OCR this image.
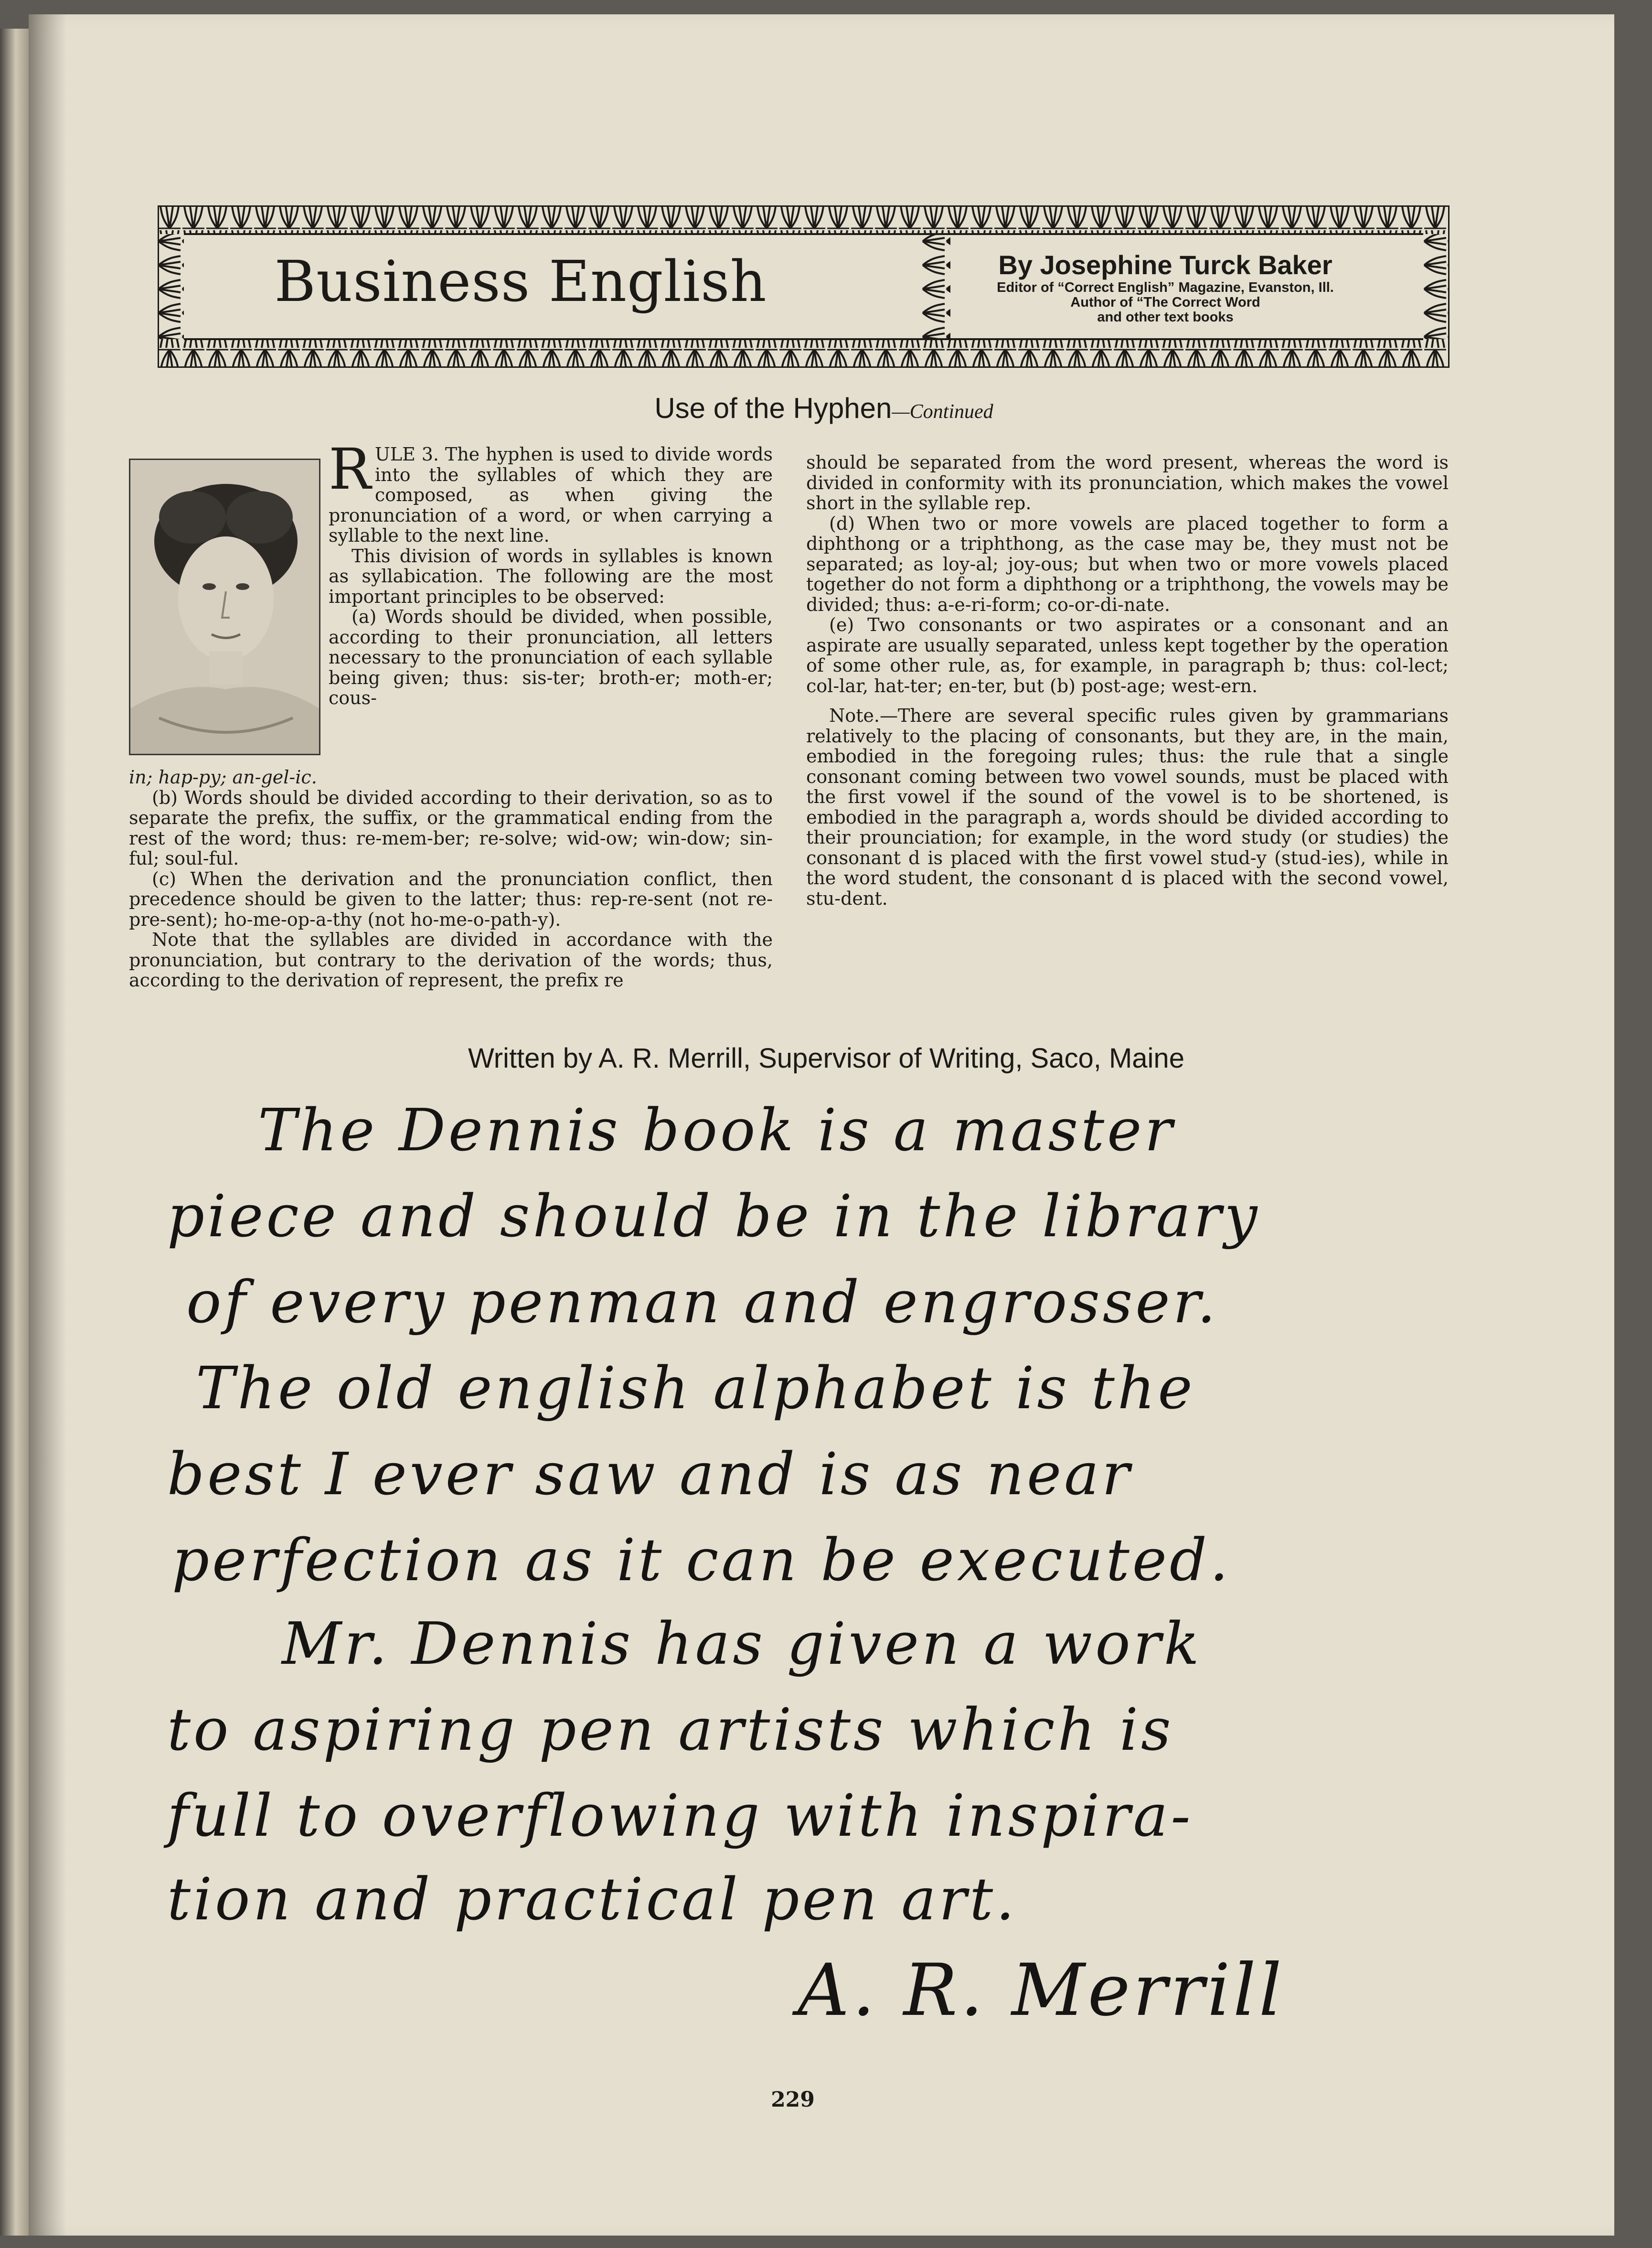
Business English	By Josephine Turck Baker
Editor of “Correct English” Magazine, Evanston, Ill.
Author of “The Correct Word
and other text books
Use of the Hyphen—Continued

RULE 3. The hyphen is used to divide words into the syllables of which they are composed, as when giving the pronunciation of a word, or when carrying a syllable to the next line.

This division of words in syllables is known as syllabication. The following are the most important principles to be observed:

(a) Words should be divided, when possible, according to their pronunciation, all letters necessary to the pronunciation of each syllable being given; thus: sis-ter; broth-er; moth-er; cous-

in; hap-py; an-gel-ic.

(b) Words should be divided according to their derivation, so as to separate the prefix, the suffix, or the grammatical ending from the rest of the word; thus: re-mem-ber; re-solve; wid-ow; win-dow; sin-ful; soul-ful.

(c) When the derivation and the pronunciation conflict, then precedence should be given to the latter; thus: rep-re-sent (not re-pre-sent); ho-me-op-a-thy (not ho-me-o-path-y).

Note that the syllables are divided in accordance with the pronunciation, but contrary to the derivation of the words; thus, according to the derivation of represent, the prefix re

should be separated from the word present, whereas the word is divided in conformity with its pronunciation, which makes the vowel short in the syllable rep.

(d) When two or more vowels are placed together to form a diphthong or a triphthong, as the case may be, they must not be separated; as loy-al; joy-ous; but when two or more vowels placed together do not form a diphthong or a triphthong, the vowels may be divided; thus: a-e-ri-form; co-or-di-nate.

(e) Two consonants or two aspirates or a consonant and an aspirate are usually separated, unless kept together by the operation of some other rule, as, for example, in paragraph b; thus: col-lect; col-lar, hat-ter; en-ter, but (b) post-age; west-ern.

Note.—There are several specific rules given by grammarians relatively to the placing of consonants, but they are, in the main, embodied in the foregoing rules; thus: the rule that a single consonant coming between two vowel sounds, must be placed with the first vowel if the sound of the vowel is to be shortened, is embodied in the paragraph a, words should be divided according to their prounciation; for example, in the word study (or studies) the consonant d is placed with the first vowel stud-y (stud-ies), while in the word student, the consonant d is placed with the second vowel, stu-dent.

Written by A. R. Merrill, Supervisor of Writing, Saco, Maine
The Dennis book is a master
piece and should be in the library
of every penman and engrosser.
The old english alphabet is the
best I ever saw and is as near
perfection as it can be executed.
Mr. Dennis has given a work
to aspiring pen artists which is
full to overflowing with inspira-
tion and practical pen art.
A. R. Merrill
229
